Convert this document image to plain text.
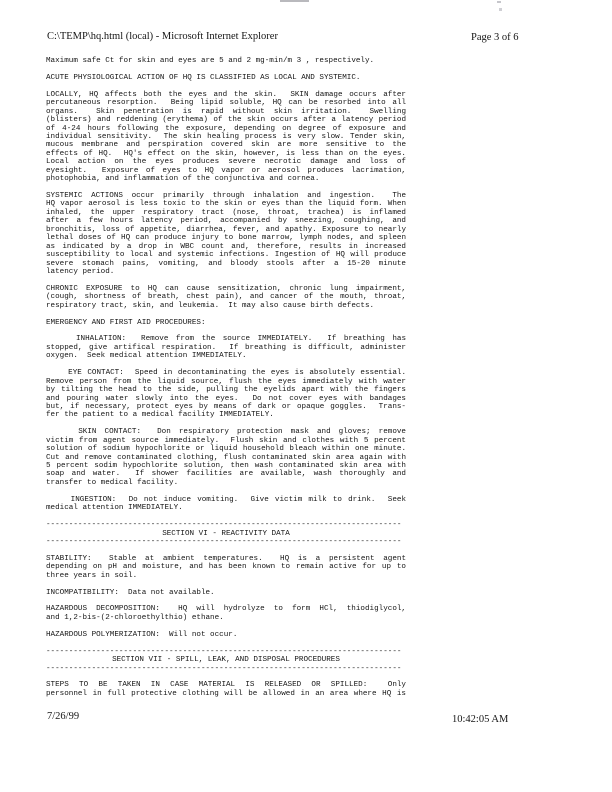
C:\TEMP\hq.html (local) - Microsoft Internet Explorer	Page 3 of 6
Maximum safe Ct for skin and eyes are 5 and 2 mg-min/m 3 , respectively.
ACUTE PHYSIOLOGICAL ACTION OF HQ IS CLASSIFIED AS LOCAL AND SYSTEMIC.
LOCALLY, HQ affects both the eyes and the skin.  SKIN damage occurs after
percutaneous resorption.  Being lipid soluble, HQ can be resorbed into all
organs.  Skin penetration is rapid without skin irritation.  Swelling
(blisters) and reddening (erythema) of the skin occurs after a latency period
of 4-24 hours following the exposure, depending on degree of exposure and
individual sensitivity.  The skin healing process is very slow. Tender skin,
mucous membrane and perspiration covered skin are more sensitive to the
effects of HQ.  HQ's effect on the skin, however, is less than on the eyes.
Local action on the eyes produces severe necrotic damage and loss of
eyesight.  Exposure of eyes to HQ vapor or aerosol produces lacrimation,
photophobia, and inflammation of the conjunctiva and cornea.
SYSTEMIC ACTIONS occur primarily through inhalation and ingestion.  The
HQ vapor aerosol is less toxic to the skin or eyes than the liquid form. When
inhaled, the upper respiratory tract (nose, throat, trachea) is inflamed
after a few hours latency period, accompanied by sneezing, coughing, and
bronchitis, loss of appetite, diarrhea, fever, and apathy. Exposure to nearly
lethal doses of HQ can produce injury to bone marrow, lymph nodes, and spleen
as indicated by a drop in WBC count and, therefore, results in increased
susceptibility to local and systemic infections. Ingestion of HQ will produce
severe stomach pains, vomiting, and bloody stools after a 15-20 minute
latency period.
CHRONIC EXPOSURE to HQ can cause sensitization, chronic lung impairment,
(cough, shortness of breath, chest pain), and cancer of the mouth, throat,
respiratory tract, skin, and leukemia.  It may also cause birth defects.
EMERGENCY AND FIRST AID PROCEDURES:
INHALATION:  Remove from the source IMMEDIATELY.  If breathing has
stopped, give artifical respiration.  If breathing is difficult, administer
oxygen.  Seek medical attention IMMEDIATELY.
EYE CONTACT:  Speed in decontaminating the eyes is absolutely essential.
Remove person from the liquid source, flush the eyes immediately with water
by tilting the head to the side, pulling the eyelids apart with the fingers
and pouring water slowly into the eyes.  Do not cover eyes with bandages
but, if necessary, protect eyes by means of dark or opaque goggles.  Trans-
fer the patient to a medical facility IMMEDIATELY.
SKIN CONTACT:  Don respiratory protection mask and gloves; remove
victim from agent source immediately.  Flush skin and clothes with 5 percent
solution of sodium hypochlorite or liquid household bleach within one minute.
Cut and remove contaminated clothing, flush contaminated skin area again with
5 percent sodim hypochlorite solution, then wash contaminated skin area with
soap and water.  If shower facilities are available, wash thoroughly and
transfer to medical facility.
INGESTION:  Do not induce vomiting.  Give victim milk to drink.  Seek
medical attention IMMEDIATELY.
------------------------------------------------------------------------------
SECTION VI - REACTIVITY DATA
------------------------------------------------------------------------------
STABILITY:  Stable at ambient temperatures.  HQ is a persistent agent
depending on pH and moisture, and has been known to remain active for up to
three years in soil.
INCOMPATIBILITY:  Data not available.
HAZARDOUS DECOMPOSITION:  HQ will hydrolyze to form HCl, thiodiglycol,
and 1,2-bis-(2-chloroethylthio) ethane.
HAZARDOUS POLYMERIZATION:  Will not occur.
------------------------------------------------------------------------------
SECTION VII - SPILL, LEAK, AND DISPOSAL PROCEDURES
------------------------------------------------------------------------------
STEPS TO BE TAKEN IN CASE MATERIAL IS RELEASED OR SPILLED:  Only
personnel in full protective clothing will be allowed in an area where HQ is
7/26/99	10:42:05 AM
